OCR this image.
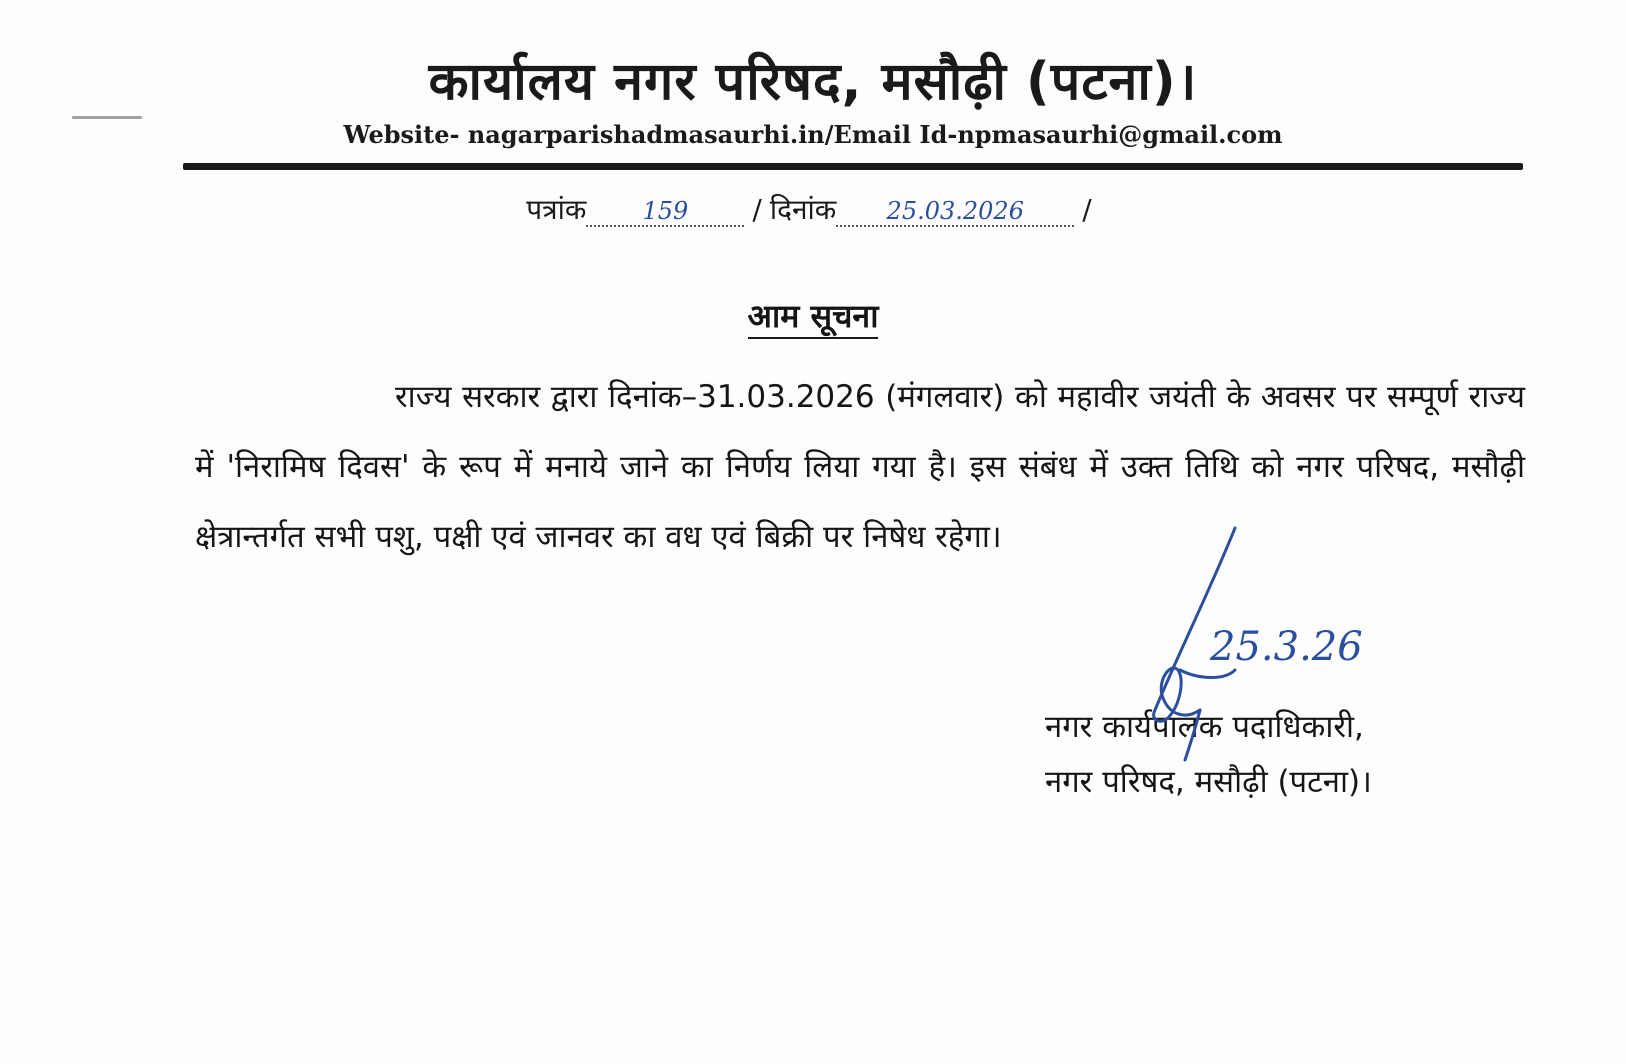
कार्यालय नगर परिषद, मसौढ़ी (पटना)।
Website- nagarparishadmasaurhi.in/Email Id-npmasaurhi@gmail.com
पत्रांक 159 / दिनांक 25.03.2026 /
आम सूचना

राज्य सरकार द्वारा दिनांक–31.03.2026 (मंगलवार) को महावीर जयंती के अवसर पर सम्पूर्ण राज्य में 'निरामिष दिवस' के रूप में मनाये जाने का निर्णय लिया गया है। इस संबंध में उक्त तिथि को नगर परिषद, मसौढ़ी क्षेत्रान्तर्गत सभी पशु, पक्षी एवं जानवर का वध एवं बिक्री पर निषेध रहेगा।

नगर कार्यपालक पदाधिकारी,
नगर परिषद, मसौढ़ी (पटना)।
25.3.26
